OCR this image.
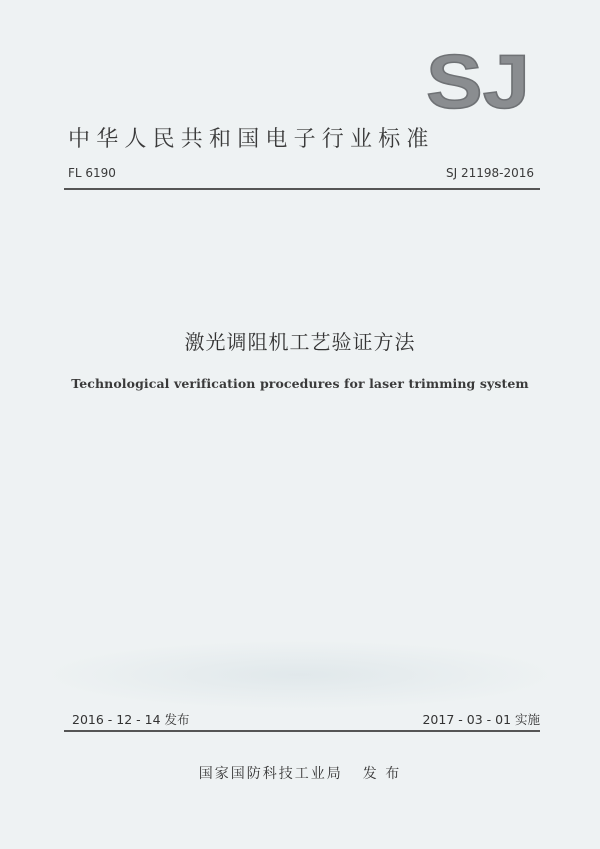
SJ
中华人民共和国电子行业标准
FL 6190	SJ 21198-2016
激光调阻机工艺验证方法
Technological verification procedures for laser trimming system
2016 - 12 - 14 发布	2017 - 03 - 01 实施
国家国防科技工业局 发 布
